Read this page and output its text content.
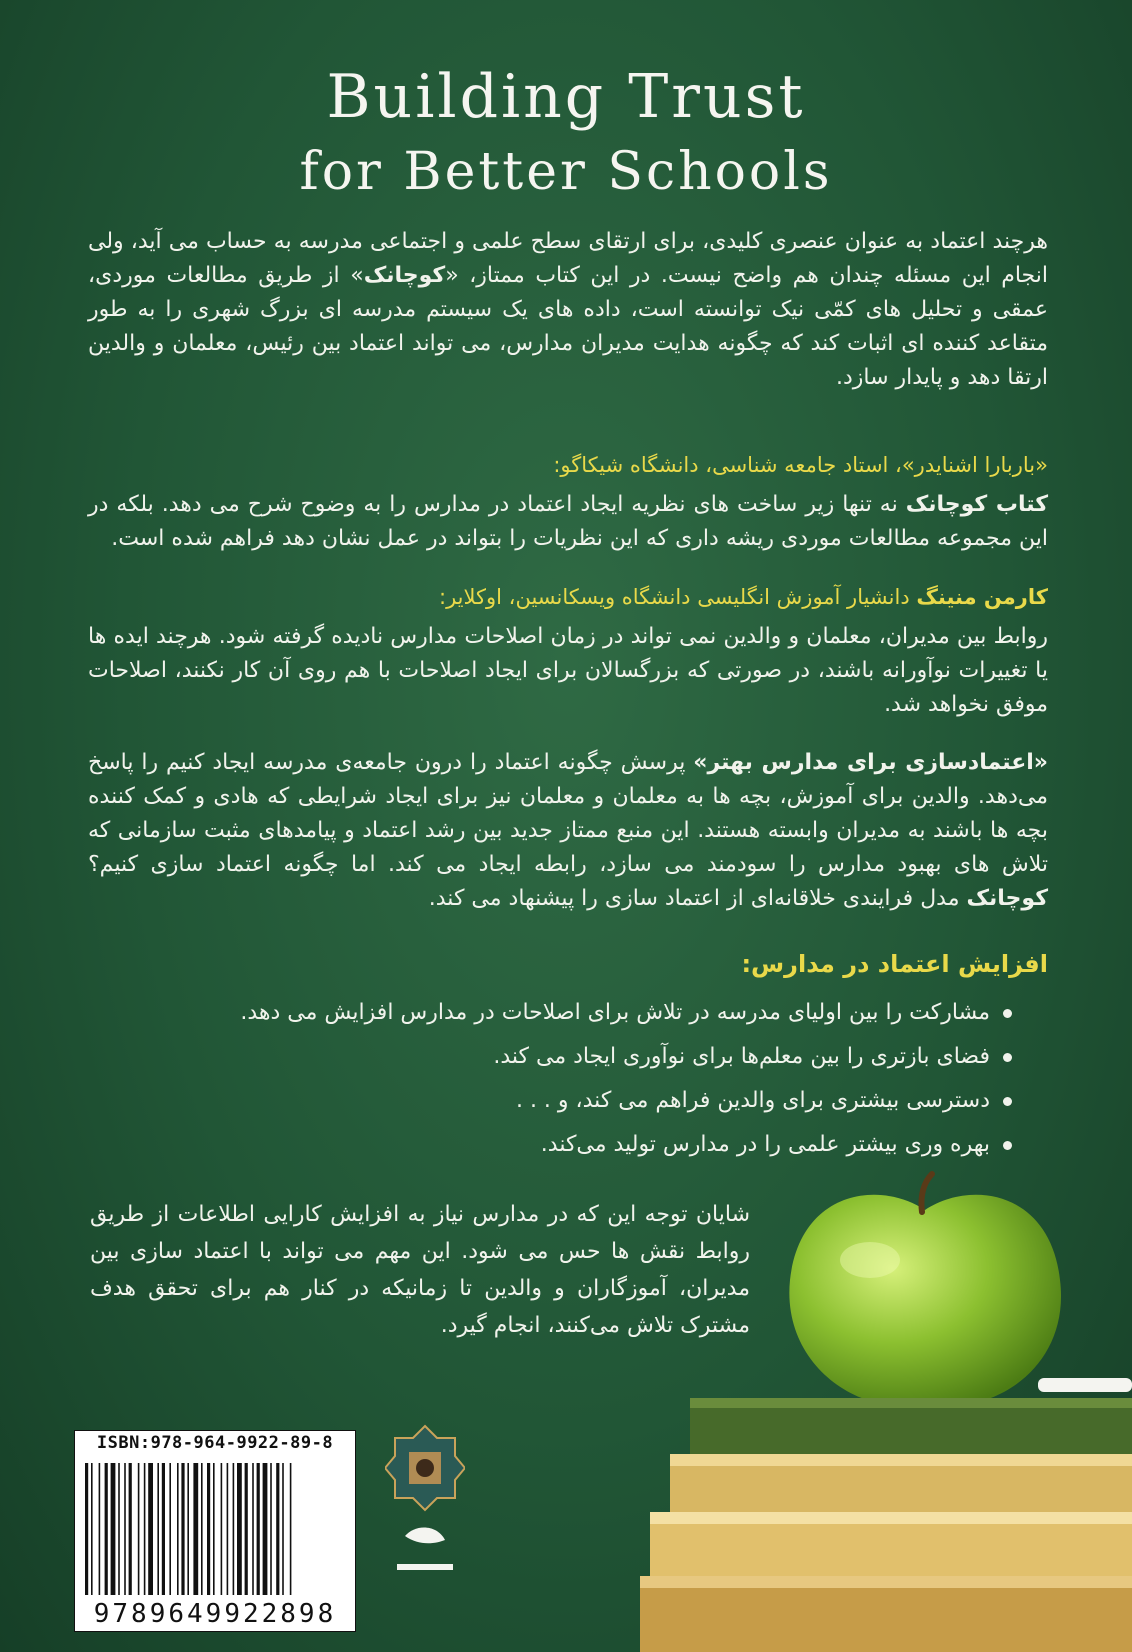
Building Trust
for Better Schools

هرچند اعتماد به عنوان عنصری کلیدی، برای ارتقای سطح علمی و اجتماعی مدرسه به حساب می آید، ولی انجام این مسئله چندان هم واضح نیست. در این کتاب ممتاز، «کوچانک» از طریق مطالعات موردی، عمقی و تحلیل های کمّی نیک توانسته است، داده های یک سیستم مدرسه ای بزرگ شهری را به طور متقاعد کننده ای اثبات کند که چگونه هدایت مدیران مدارس، می تواند اعتماد بین رئیس، معلمان و والدین ارتقا دهد و پایدار سازد.

«باربارا اشنایدر»، استاد جامعه شناسی، دانشگاه شیکاگو:

کتاب کوچانک نه تنها زیر ساخت های نظریه ایجاد اعتماد در مدارس را به وضوح شرح می دهد. بلکه در این مجموعه مطالعات موردی ریشه داری که این نظریات را بتواند در عمل نشان دهد فراهم شده است.

کارمن منینگ دانشیار آموزش انگلیسی دانشگاه ویسکانسین، اوکلایر:

روابط بین مدیران، معلمان و والدین نمی تواند در زمان اصلاحات مدارس نادیده گرفته شود. هرچند ایده ها یا تغییرات نوآورانه باشند، در صورتی که بزرگسالان برای ایجاد اصلاحات با هم روی آن کار نکنند، اصلاحات موفق نخواهد شد.

«اعتمادسازی برای مدارس بهتر» پرسش چگونه اعتماد را درون جامعه‌ی مدرسه ایجاد کنیم را پاسخ می‌دهد. والدین برای آموزش، بچه ها به معلمان و معلمان نیز برای ایجاد شرایطی که هادی و کمک کننده بچه ها باشند به مدیران وابسته هستند. این منبع ممتاز جدید بین رشد اعتماد و پیامدهای مثبت سازمانی که تلاش های بهبود مدارس را سودمند می سازد، رابطه ایجاد می کند. اما چگونه اعتماد سازی کنیم؟ کوچانک مدل فرایندی خلاقانه‌ای از اعتماد سازی را پیشنهاد می کند.

افزایش اعتماد در مدارس:
مشارکت را بین اولیای مدرسه در تلاش برای اصلاحات در مدارس افزایش می دهد.
فضای بازتری را بین معلم‌ها برای نوآوری ایجاد می کند.
دسترسی بیشتری برای والدین فراهم می کند، و . . .
بهره وری بیشتر علمی را در مدارس تولید می‌کند.

شایان توجه این که در مدارس نیاز به افزایش کارایی اطلاعات از طریق روابط نقش ها حس می شود. این مهم می تواند با اعتماد سازی بین مدیران، آموزگاران و والدین تا زمانیکه در کنار هم برای تحقق هدف مشترک تلاش می‌کنند، انجام گیرد.

ISBN:978-964-9922-89-8
9789649922898
